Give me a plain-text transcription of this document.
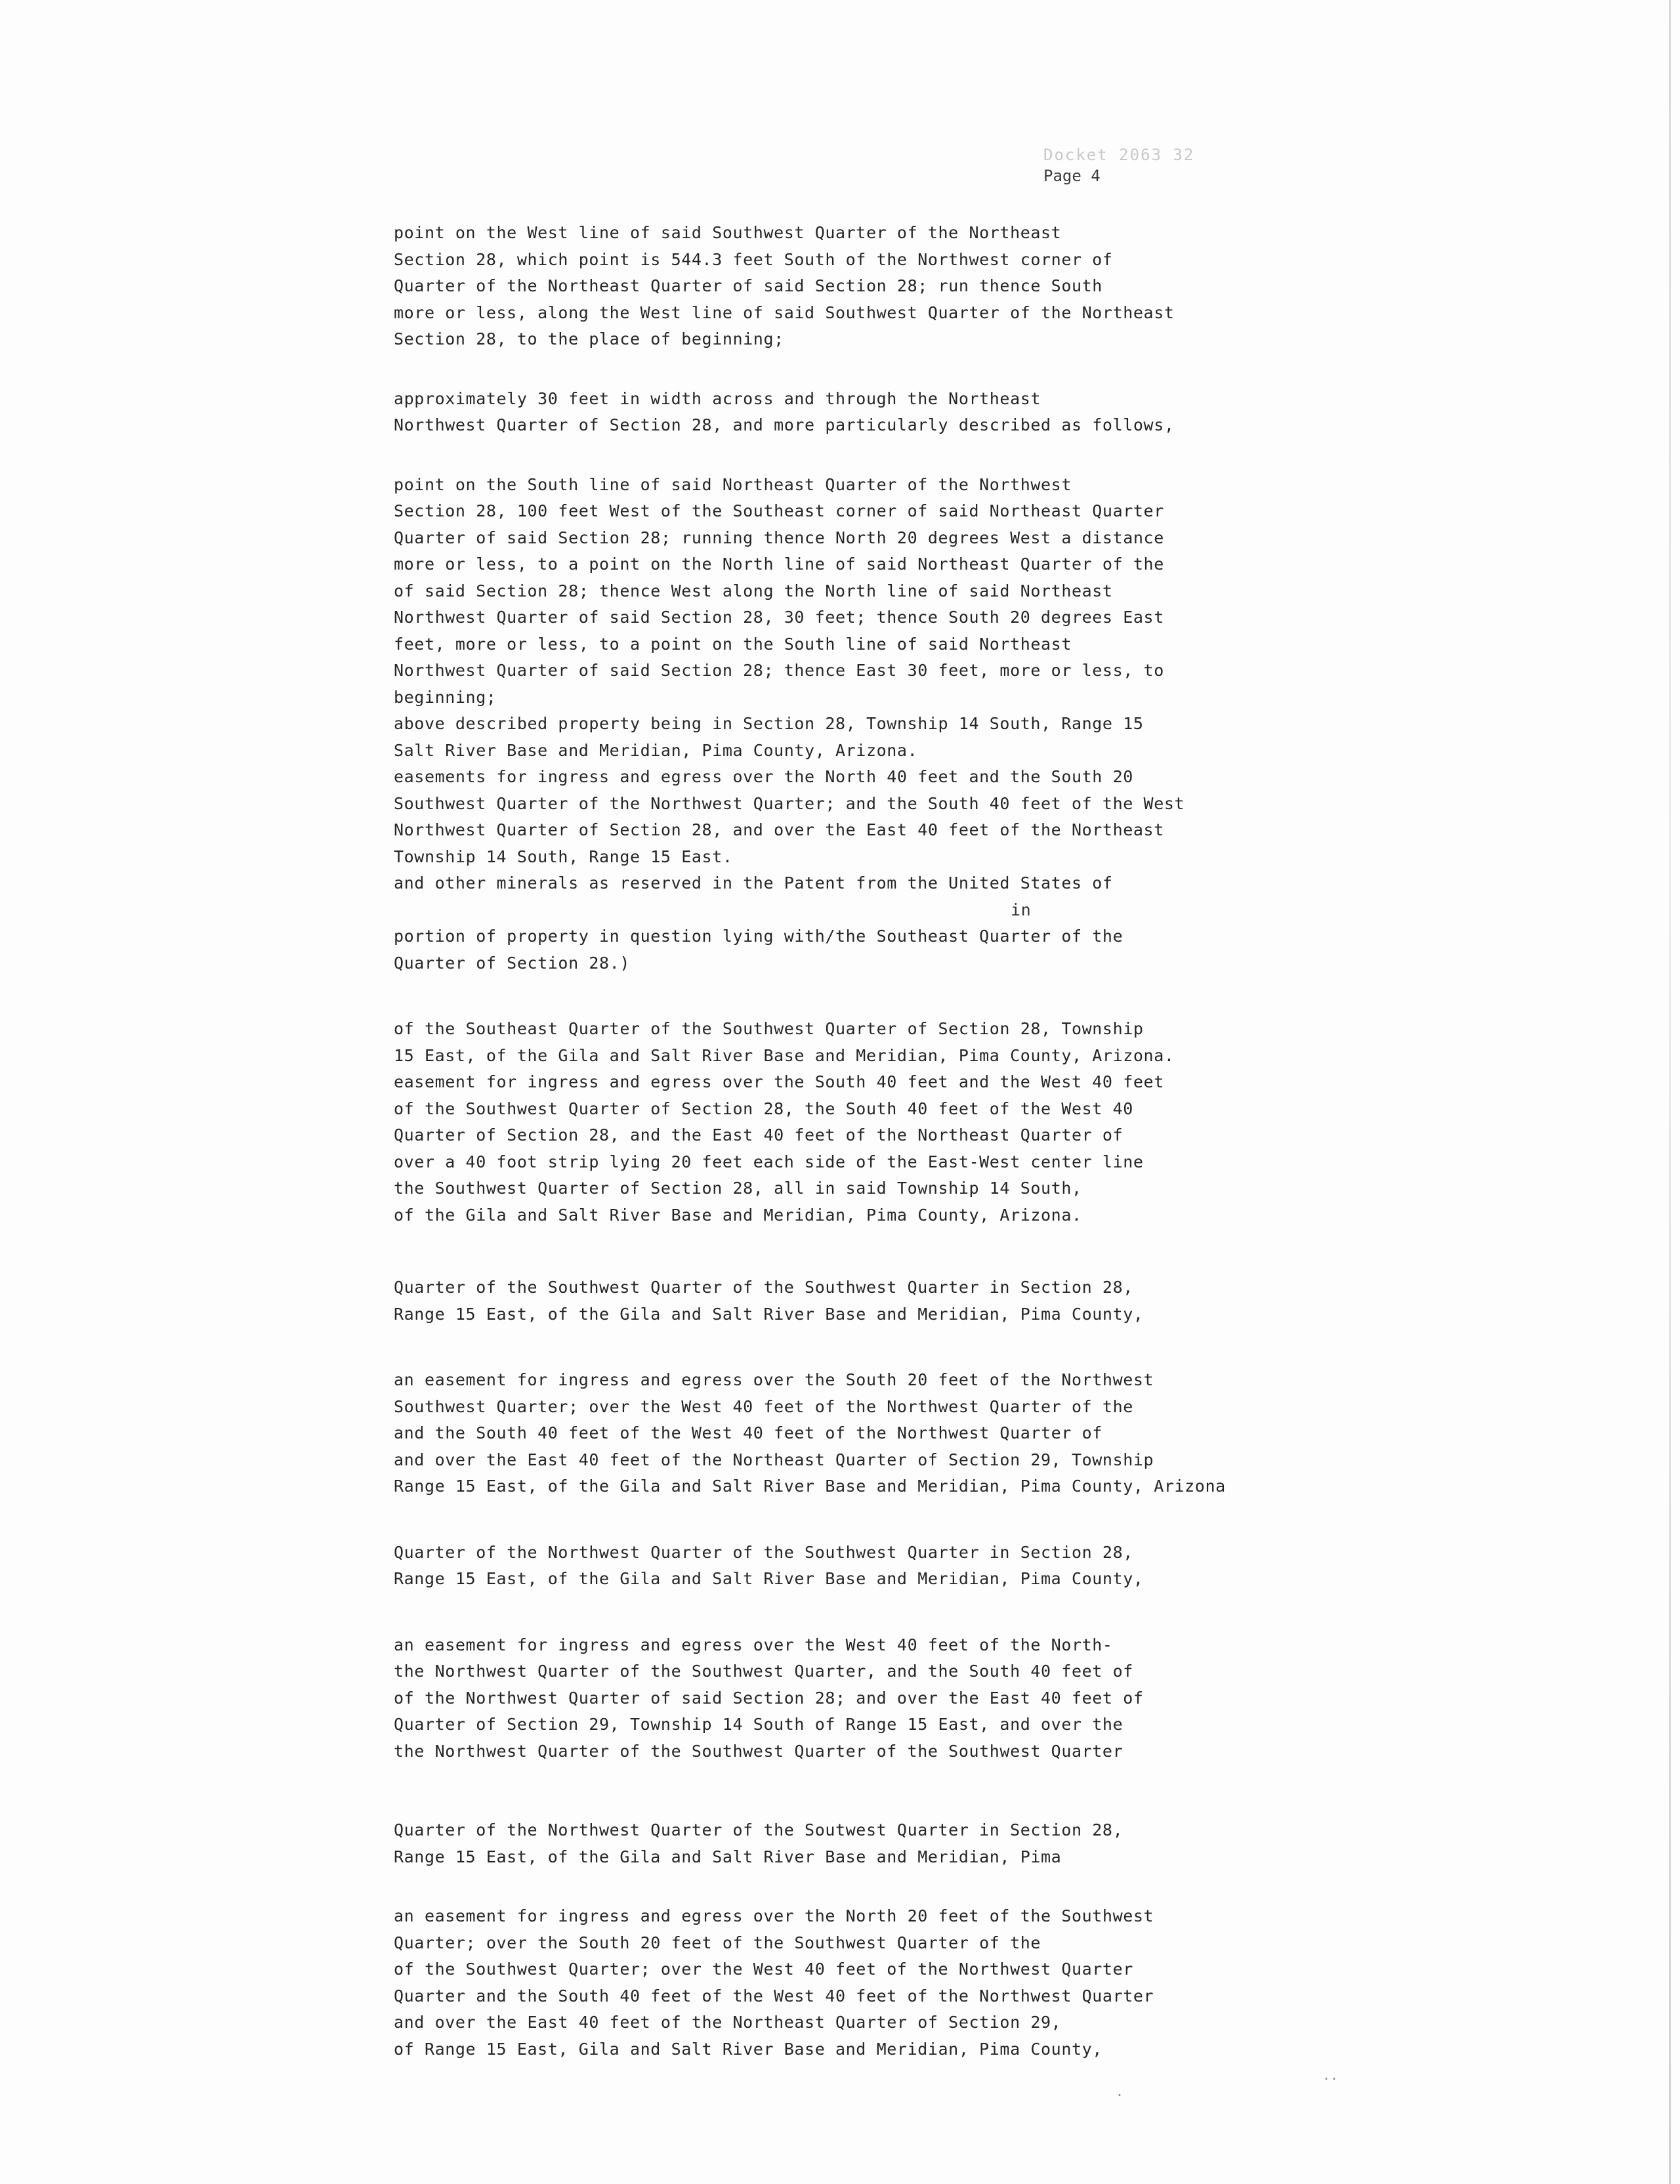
Docket 2063 32
Page 4

point on the West line of said Southwest Quarter of the Northeast

Section 28, which point is 544.3 feet South of the Northwest corner of

Quarter of the Northeast Quarter of said Section 28; run thence South

more or less, along the West line of said Southwest Quarter of the Northeast

Section 28, to the place of beginning;

approximately 30 feet in width across and through the Northeast

Northwest Quarter of Section 28, and more particularly described as follows,

point on the South line of said Northeast Quarter of the Northwest

Section 28, 100 feet West of the Southeast corner of said Northeast Quarter

Quarter of said Section 28; running thence North 20 degrees West a distance

more or less, to a point on the North line of said Northeast Quarter of the

of said Section 28; thence West along the North line of said Northeast

Northwest Quarter of said Section 28, 30 feet; thence South 20 degrees East

feet, more or less, to a point on the South line of said Northeast

Northwest Quarter of said Section 28; thence East 30 feet, more or less, to

beginning;

above described property being in Section 28, Township 14 South, Range 15

Salt River Base and Meridian, Pima County, Arizona.

easements for ingress and egress over the North 40 feet and the South 20

Southwest Quarter of the Northwest Quarter; and the South 40 feet of the West

Northwest Quarter of Section 28, and over the East 40 feet of the Northeast

Township 14 South, Range 15 East.

and other minerals as reserved in the Patent from the United States of

in

portion of property in question lying with/the Southeast Quarter of the

Quarter of Section 28.)

of the Southeast Quarter of the Southwest Quarter of Section 28, Township

15 East, of the Gila and Salt River Base and Meridian, Pima County, Arizona.

easement for ingress and egress over the South 40 feet and the West 40 feet

of the Southwest Quarter of Section 28, the South 40 feet of the West 40

Quarter of Section 28, and the East 40 feet of the Northeast Quarter of

over a 40 foot strip lying 20 feet each side of the East-West center line

the Southwest Quarter of Section 28, all in said Township 14 South,

of the Gila and Salt River Base and Meridian, Pima County, Arizona.

Quarter of the Southwest Quarter of the Southwest Quarter in Section 28,

Range 15 East, of the Gila and Salt River Base and Meridian, Pima County,

an easement for ingress and egress over the South 20 feet of the Northwest

Southwest Quarter; over the West 40 feet of the Northwest Quarter of the

and the South 40 feet of the West 40 feet of the Northwest Quarter of

and over the East 40 feet of the Northeast Quarter of Section 29, Township

Range 15 East, of the Gila and Salt River Base and Meridian, Pima County, Arizona

Quarter of the Northwest Quarter of the Southwest Quarter in Section 28,

Range 15 East, of the Gila and Salt River Base and Meridian, Pima County,

an easement for ingress and egress over the West 40 feet of the North-

the Northwest Quarter of the Southwest Quarter, and the South 40 feet of

of the Northwest Quarter of said Section 28; and over the East 40 feet of

Quarter of Section 29, Township 14 South of Range 15 East, and over the

the Northwest Quarter of the Southwest Quarter of the Southwest Quarter

Quarter of the Northwest Quarter of the Soutwest Quarter in Section 28,

Range 15 East, of the Gila and Salt River Base and Meridian, Pima

an easement for ingress and egress over the North 20 feet of the Southwest

Quarter; over the South 20 feet of the Southwest Quarter of the

of the Southwest Quarter; over the West 40 feet of the Northwest Quarter

Quarter and the South 40 feet of the West 40 feet of the Northwest Quarter

and over the East 40 feet of the Northeast Quarter of Section 29,

of Range 15 East, Gila and Salt River Base and Meridian, Pima County,

.
..
